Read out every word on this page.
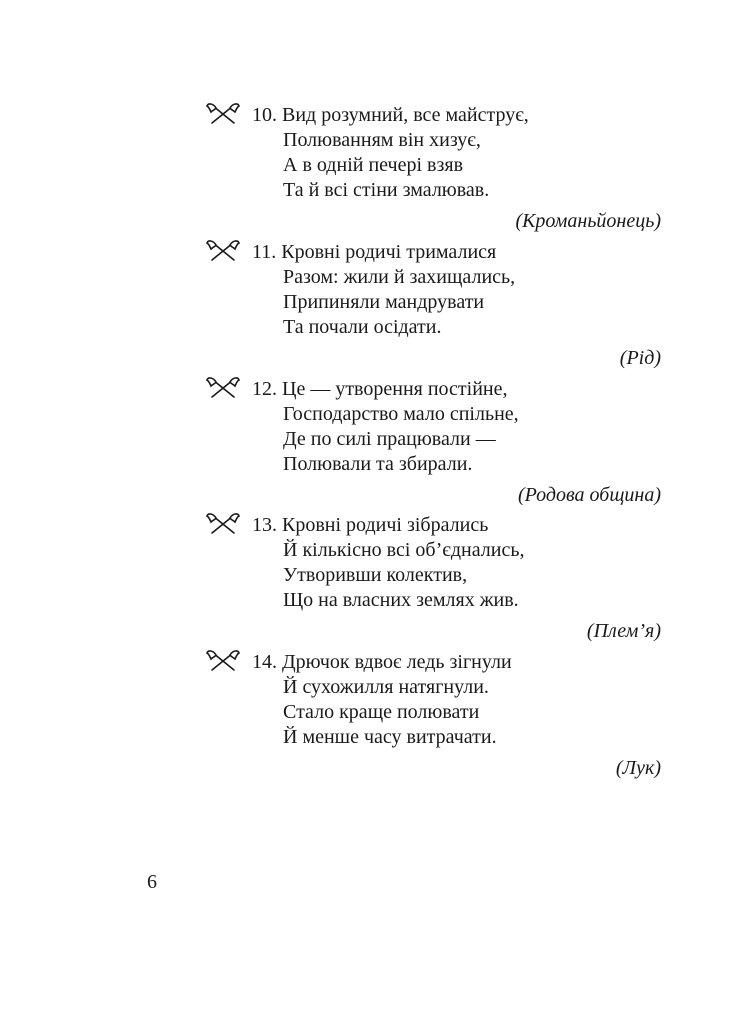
10. Вид розумний, все майструє,
Полюванням він хизує,
А в одній печері взяв
Та й всі стіни змалював.
(Кроманьйонець)
11. Кровні родичі трималися
Разом: жили й захищались,
Припиняли мандрувати
Та почали осідати.
(Рід)
12. Це — утворення постійне,
Господарство мало спільне,
Де по силі працювали —
Полювали та збирали.
(Родова община)
13. Кровні родичі зібрались
Й кількісно всі об’єднались,
Утворивши колектив,
Що на власних землях жив.
(Плем’я)
14. Дрючок вдвоє ледь зігнули
Й сухожилля натягнули.
Стало краще полювати
Й менше часу витрачати.
(Лук)
6
